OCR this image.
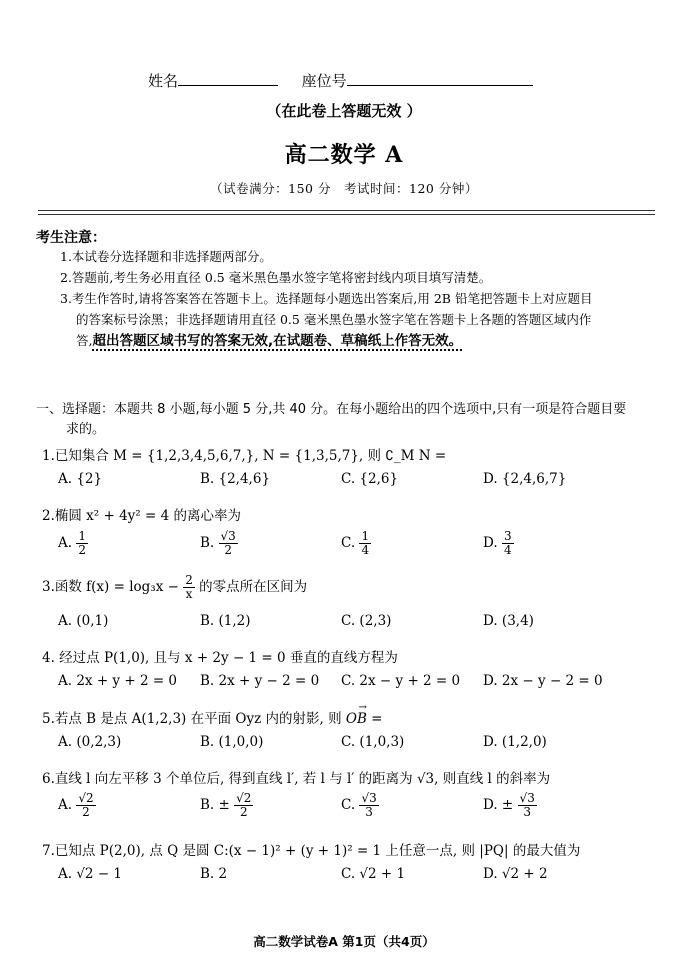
姓名	座位号
（在此卷上答题无效 ）
高二数学 A
（试卷满分：150 分　考试时间：120 分钟）
考生注意：
1.本试卷分选择题和非选择题两部分。
2.答题前,考生务必用直径 0.5 毫米黑色墨水签字笔将密封线内项目填写清楚。
3.考生作答时,请将答案答在答题卡上。选择题每小题选出答案后,用 2B 铅笔把答题卡上对应题目
的答案标号涂黑；非选择题请用直径 0.5 毫米黑色墨水签字笔在答题卡上各题的答题区域内作
答,超出答题区域书写的答案无效,在试题卷、草稿纸上作答无效。
一、选择题：本题共 8 小题,每小题 5 分,共 40 分。在每小题给出的四个选项中,只有一项是符合题目要
求的。
1.已知集合 M = {1,2,3,4,5,6,7,}, N = {1,3,5,7}, 则 ∁_M N =
A. {2}	B. {2,4,6}	C. {2,6}	D. {2,4,6,7}
2.椭圆 x² + 4y² = 4 的离心率为
A. $\frac{1}{2}$	B. $\frac{√3}{2}$	C. $\frac{1}{4}$	D. $\frac{3}{4}$
3.函数 $f(x) = \log_3x - \frac{2}{x}$ 的零点所在区间为
A. (0,1)	B. (1,2)	C. (2,3)	D. (3,4)
4. 经过点 P(1,0), 且与 x + 2y − 1 = 0 垂直的直线方程为
A. 2x + y + 2 = 0 B. 2x + y − 2 = 0 C. 2x − y + 2 = 0 D. 2x − y − 2 = 0
5.若点 B 是点 A(1,2,3) 在平面 Oyz 内的射影, 则
→
OB =
A. (0,2,3)	B. (1,0,0)	C. (1,0,3)	D. (1,2,0)
6.直线 l 向左平移 3 个单位后, 得到直线 l′, 若 l 与 l′ 的距离为 √3, 则直线 l 的斜率为
A. $\frac{√2}{2}$	B. ± $\frac{√2}{2}$	C. $\frac{√3}{3}$	D. ± $\frac{√3}{3}$
7.已知点 P(2,0), 点 Q 是圆 C:(x − 1)² + (y + 1)² = 1 上任意一点, 则 |PQ| 的最大值为
A. √2 − 1	B. 2	C. √2 + 1	D. √2 + 2
高二数学试卷A 第1页（共4页）
